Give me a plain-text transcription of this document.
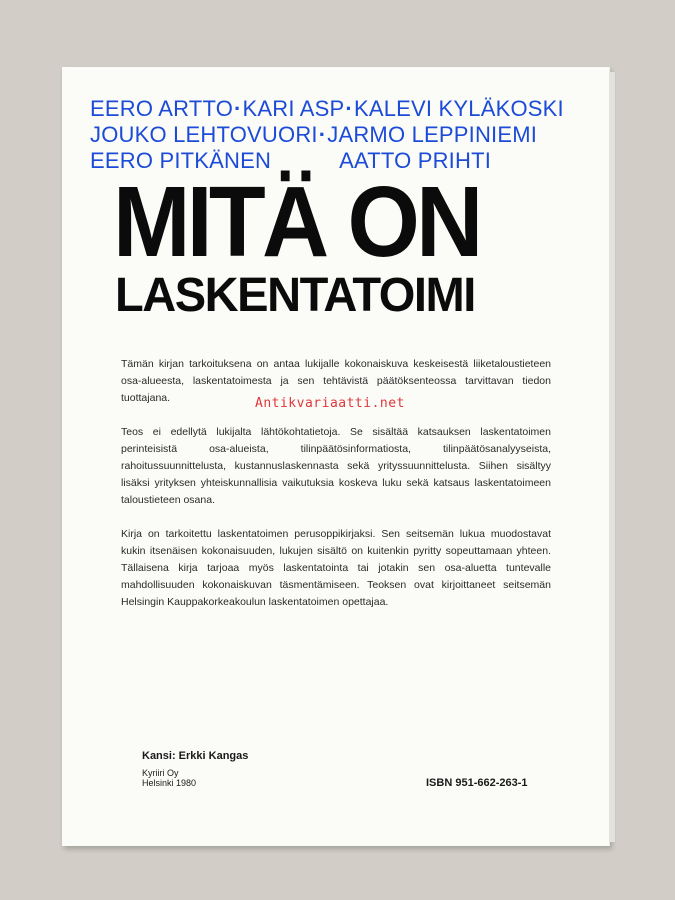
EERO ARTTO·KARI ASP·KALEVI KYLÄKOSKI
JOUKO LEHTOVUORI·JARMO LEPPINIEMI
EERO PITKÄNEN	AATTO PRIHTI
MITÄ ON
LASKENTATOIMI

Tämän kirjan tarkoituksena on antaa lukijalle kokonaiskuva keskeisestä liiketaloustieteen osa-alueesta, laskentatoimesta ja sen tehtävistä päätöksenteossa tarvittavan tiedon tuottajana.

Teos ei edellytä lukijalta lähtökohtatietoja. Se sisältää katsauksen laskentatoimen perinteisistä osa-alueista, tilinpäätösinformatiosta, tilinpäätösanalyyseista, rahoitussuunnittelusta, kustannuslaskennasta sekä yrityssuunnittelusta. Siihen sisältyy lisäksi yrityksen yhteiskunnallisia vaikutuksia koskeva luku sekä katsaus laskentatoimeen taloustieteen osana.

Kirja on tarkoitettu laskentatoimen perusoppikirjaksi. Sen seitsemän lukua muodostavat kukin itsenäisen kokonaisuuden, lukujen sisältö on kuitenkin pyritty sopeuttamaan yhteen. Tällaisena kirja tarjoaa myös laskentatointa tai jotakin sen osa-aluetta tuntevalle mahdollisuuden kokonaiskuvan täsmentämiseen. Teoksen ovat kirjoittaneet seitsemän Helsingin Kauppakorkeakoulun laskentatoimen opettajaa.

Antikvariaatti.net
Kansi: Erkki Kangas
Kyriiri Oy
Helsinki 1980	ISBN 951-662-263-1
